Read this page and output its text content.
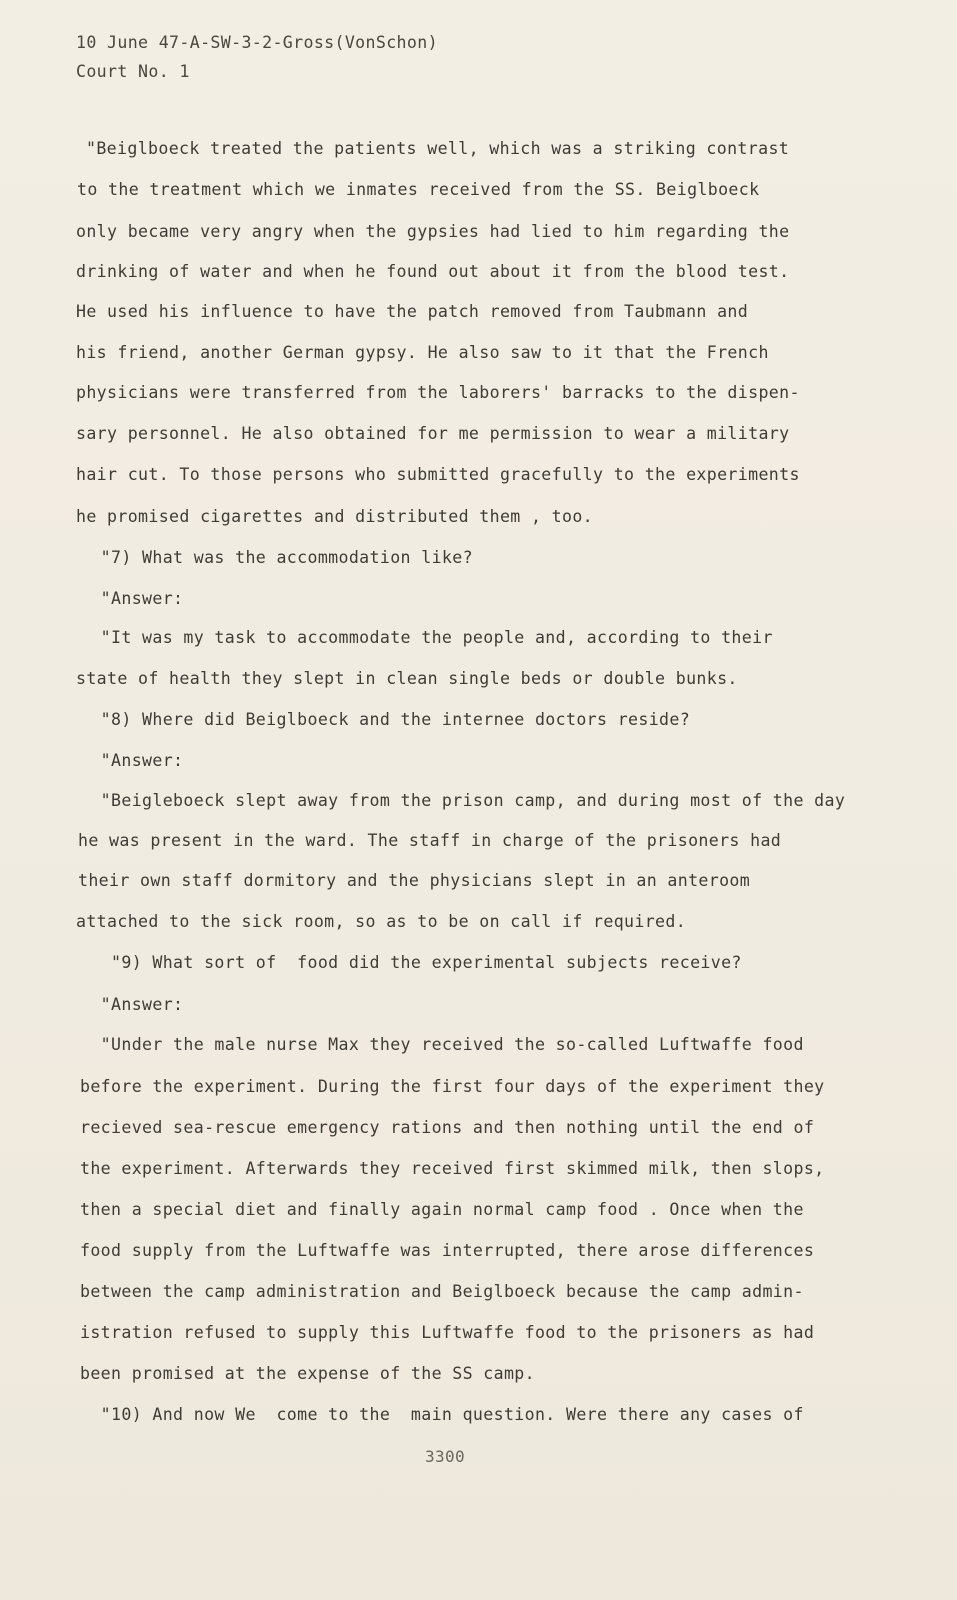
10 June 47-A-SW-3-2-Gross(VonSchon)
Court No. 1
"Beiglboeck treated the patients well, which was a striking contrast
to the treatment which we inmates received from the SS. Beiglboeck
only became very angry when the gypsies had lied to him regarding the
drinking of water and when he found out about it from the blood test.
He used his influence to have the patch removed from Taubmann and
his friend, another German gypsy. He also saw to it that the French
physicians were transferred from the laborers' barracks to the dispen-
sary personnel. He also obtained for me permission to wear a military
hair cut. To those persons who submitted gracefully to the experiments
he promised cigarettes and distributed them , too.
"7) What was the accommodation like?
"Answer:
"It was my task to accommodate the people and, according to their
state of health they slept in clean single beds or double bunks.
"8) Where did Beiglboeck and the internee doctors reside?
"Answer:
"Beigleboeck slept away from the prison camp, and during most of the day
he was present in the ward. The staff in charge of the prisoners had
their own staff dormitory and the physicians slept in an anteroom
attached to the sick room, so as to be on call if required.
"9) What sort of  food did the experimental subjects receive?
"Answer:
"Under the male nurse Max they received the so-called Luftwaffe food
before the experiment. During the first four days of the experiment they
recieved sea-rescue emergency rations and then nothing until the end of
the experiment. Afterwards they received first skimmed milk, then slops,
then a special diet and finally again normal camp food . Once when the
food supply from the Luftwaffe was interrupted, there arose differences
between the camp administration and Beiglboeck because the camp admin-
istration refused to supply this Luftwaffe food to the prisoners as had
been promised at the expense of the SS camp.
"10) And now We  come to the  main question. Were there any cases of
3300
